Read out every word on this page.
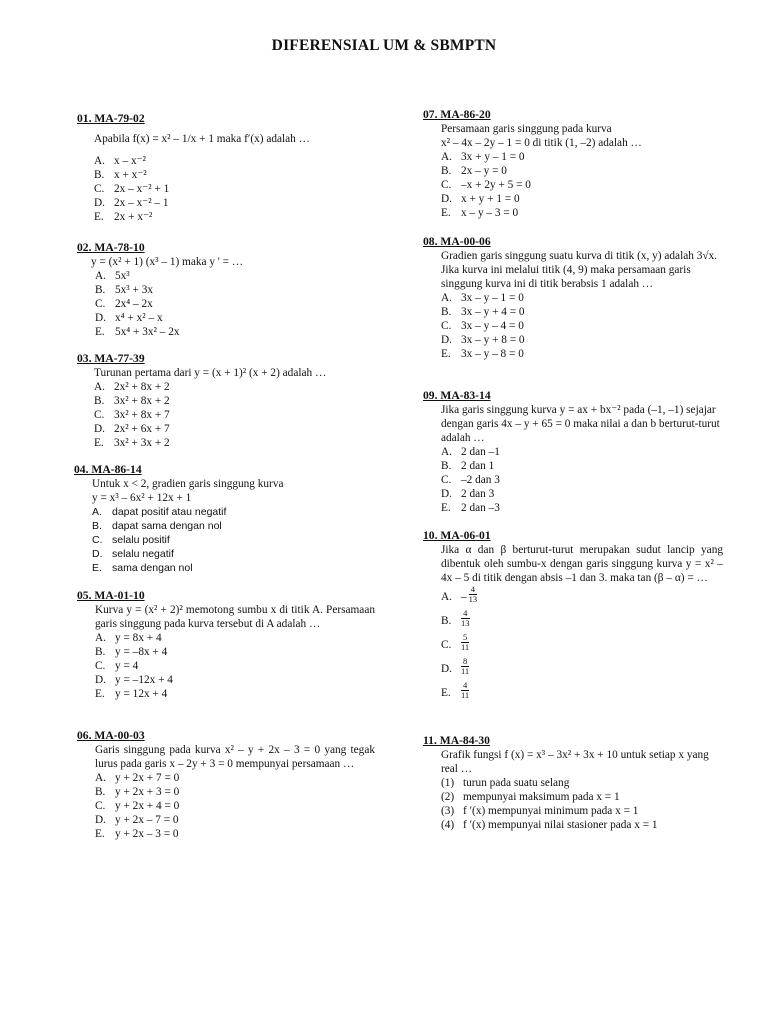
DIFERENSIAL UM & SBMPTN
01. MA-79-02
Apabila f(x) = x² – 1/x + 1 maka f′(x) adalah …
A. x – x⁻²
B. x + x⁻²
C. 2x – x⁻² + 1
D. 2x – x⁻² – 1
E. 2x + x⁻²
02. MA-78-10
y = (x² + 1) (x³ – 1) maka y ' = …
A. 5x³
B. 5x³ + 3x
C. 2x⁴ – 2x
D. x⁴ + x² – x
E. 5x⁴ + 3x² – 2x
03. MA-77-39
Turunan pertama dari y = (x + 1)² (x + 2) adalah …
A. 2x² + 8x + 2
B. 3x² + 8x + 2
C. 3x² + 8x + 7
D. 2x² + 6x + 7
E. 3x² + 3x + 2
04. MA-86-14
Untuk x < 2, gradien garis singgung kurva
y = x³ – 6x² + 12x + 1
A. dapat positif atau negatif
B. dapat sama dengan nol
C. selalu positif
D. selalu negatif
E. sama dengan nol
05. MA-01-10
Kurva y = (x² + 2)² memotong sumbu x di titik A. Persamaan garis singgung pada kurva tersebut di A adalah …
A. y = 8x + 4
B. y = –8x + 4
C. y = 4
D. y = –12x + 4
E. y = 12x + 4
06. MA-00-03
Garis singgung pada kurva x² – y + 2x – 3 = 0 yang tegak lurus pada garis x – 2y + 3 = 0 mempunyai persamaan …
A. y + 2x + 7 = 0
B. y + 2x + 3 = 0
C. y + 2x + 4 = 0
D. y + 2x – 7 = 0
E. y + 2x – 3 = 0
07. MA-86-20
Persamaan garis singgung pada kurva
x² – 4x – 2y – 1 = 0 di titik (1, –2) adalah …
A. 3x + y – 1 = 0
B. 2x – y = 0
C. –x + 2y + 5 = 0
D. x + y + 1 = 0
E. x – y – 3 = 0
08. MA-00-06
Gradien garis singgung suatu kurva di titik (x, y) adalah 3√x. Jika kurva ini melalui titik (4, 9) maka persamaan garis singgung kurva ini di titik berabsis 1 adalah …
A. 3x – y – 1 = 0
B. 3x – y + 4 = 0
C. 3x – y – 4 = 0
D. 3x – y + 8 = 0
E. 3x – y – 8 = 0
09. MA-83-14
Jika garis singgung kurva y = ax + bx⁻² pada (–1, –1) sejajar dengan garis 4x – y + 65 = 0 maka nilai a dan b berturut-turut adalah …
A. 2 dan –1
B. 2 dan 1
C. –2 dan 3
D. 2 dan 3
E. 2 dan –3
10. MA-06-01
Jika α dan β berturut-turut merupakan sudut lancip yang dibentuk oleh sumbu-x dengan garis singgung kurva y = x² – 4x – 5 di titik dengan absis –1 dan 3. maka tan (β – α) = …
A. – $\frac{4}{13}$
B.	$\frac{4}{13}$
C.	$\frac{5}{11}$
D.	$\frac{8}{11}$
E.	$\frac{4}{11}$
11. MA-84-30
Grafik fungsi f (x) = x³ – 3x² + 3x + 10 untuk setiap x yang real …
(1) turun pada suatu selang
(2) mempunyai maksimum pada x = 1
(3) f ′(x) mempunyai minimum pada x = 1
(4) f ′(x) mempunyai nilai stasioner pada x = 1
